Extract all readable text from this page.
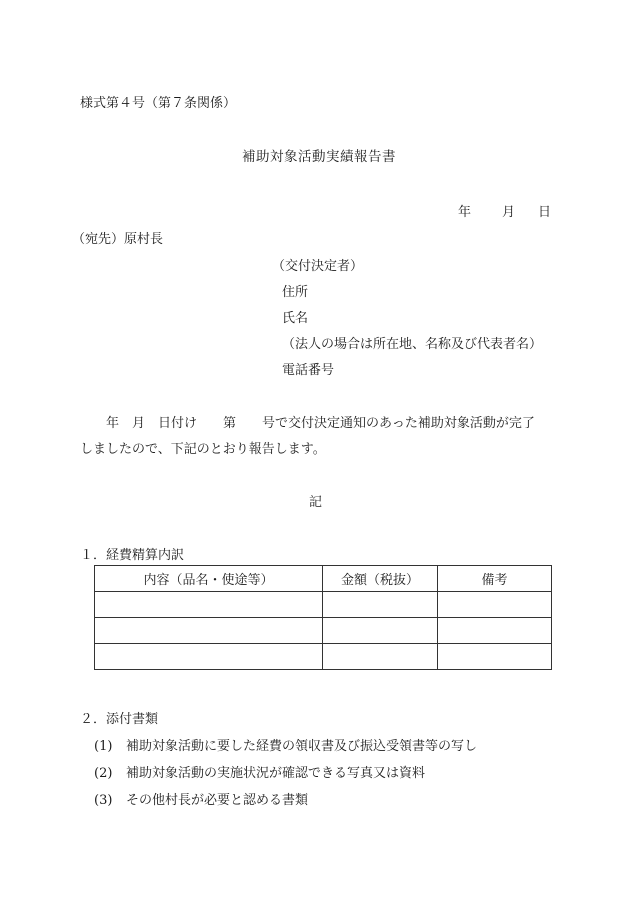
様式第４号（第７条関係）
補助対象活動実績報告書
年 月 日
（宛先）原村長
（交付決定者）
住所
氏名
（法人の場合は所在地、名称及び代表者名）
電話番号
年　月　日付け　　第　　号で交付決定通知のあった補助対象活動が完了
しましたので、下記のとおり報告します。
記
１．経費精算内訳
内容（品名・使途等）	金額（税抜）	備考

２．添付書類
(1) 補助対象活動に要した経費の領収書及び振込受領書等の写し
(2) 補助対象活動の実施状況が確認できる写真又は資料
(3) その他村長が必要と認める書類
